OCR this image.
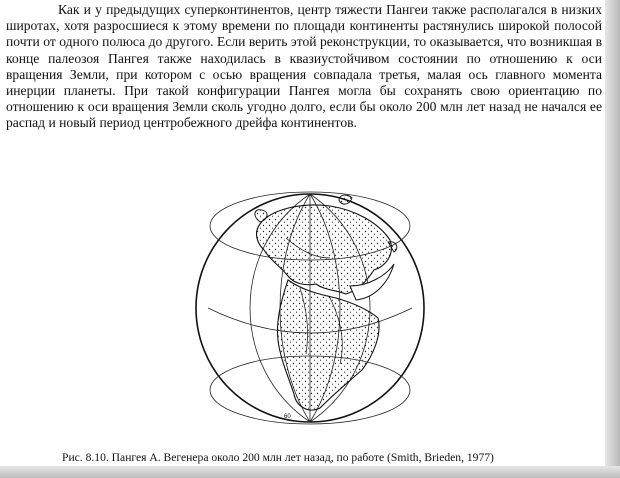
Как и у предыдущих суперконтинентов, центр тяжести Пангеи также располагался в низких широтах, хотя разросшиеся к этому времени по площади континенты растянулись широкой полосой почти от одного полюса до другого. Если верить этой реконструкции, то оказывается, что возникшая в конце палеозоя Пангея также находилась в квазиустойчивом состоянии по отношению к оси вращения Земли, при котором с осью вращения совпадала третья, малая ось главного момента инерции планеты. При такой конфигурации Пангея могла бы сохранять свою ориентацию по отношению к оси вращения Земли сколь угодно долго, если бы около 200 млн лет назад не начался ее распад и новый период центробежного дрейфа континентов.

60

Рис. 8.10. Пангея А. Вегенера около 200 млн лет назад, по работе (Smith, Brieden, 1977)
